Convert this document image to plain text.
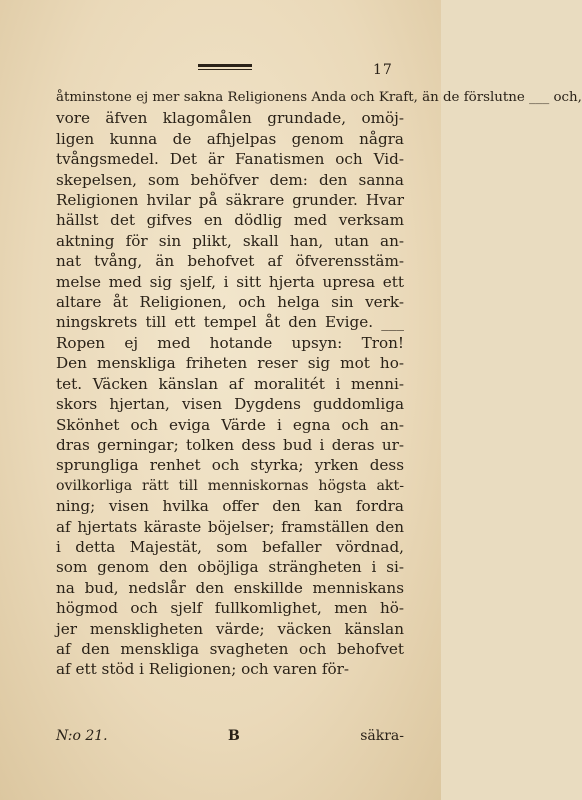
17
åtminstone ej mer sakna Religionens Anda och Kraft, än de förslutne ___ och,
vore äfven klagomålen grundade, omöj-
ligen kunna de afhjelpas genom några
tvångsmedel. Det är Fanatismen och Vid-
skepelsen, som behöfver dem: den sanna
Religionen hvilar på säkrare grunder. Hvar
hällst det gifves en dödlig med verksam
aktning för sin plikt, skall han, utan an-
nat tvång, än behofvet af öfverensstäm-
melse med sig sjelf, i sitt hjerta upresa ett
altare åt Religionen, och helga sin verk-
ningskrets till ett tempel åt den Evige. ___
Ropen ej med hotande upsyn: Tron!
Den menskliga friheten reser sig mot ho-
tet. Väcken känslan af moralitét i menni-
skors hjertan, visen Dygdens guddomliga
Skönhet och eviga Värde i egna och an-
dras gerningar; tolken dess bud i deras ur-
sprungliga renhet och styrka; yrken dess
ovilkorliga rätt till menniskornas högsta akt-
ning; visen hvilka offer den kan fordra
af hjertats käraste böjelser; framställen den
i detta Majestät, som befaller vördnad,
som genom den oböjliga strängheten i si-
na bud, nedslår den enskillde menniskans
högmod och sjelf fullkomlighet, men hö-
jer menskligheten värde; väcken känslan
af den menskliga svagheten och behofvet
af ett stöd i Religionen; och varen för-
N:o 21.	B	säkra-
